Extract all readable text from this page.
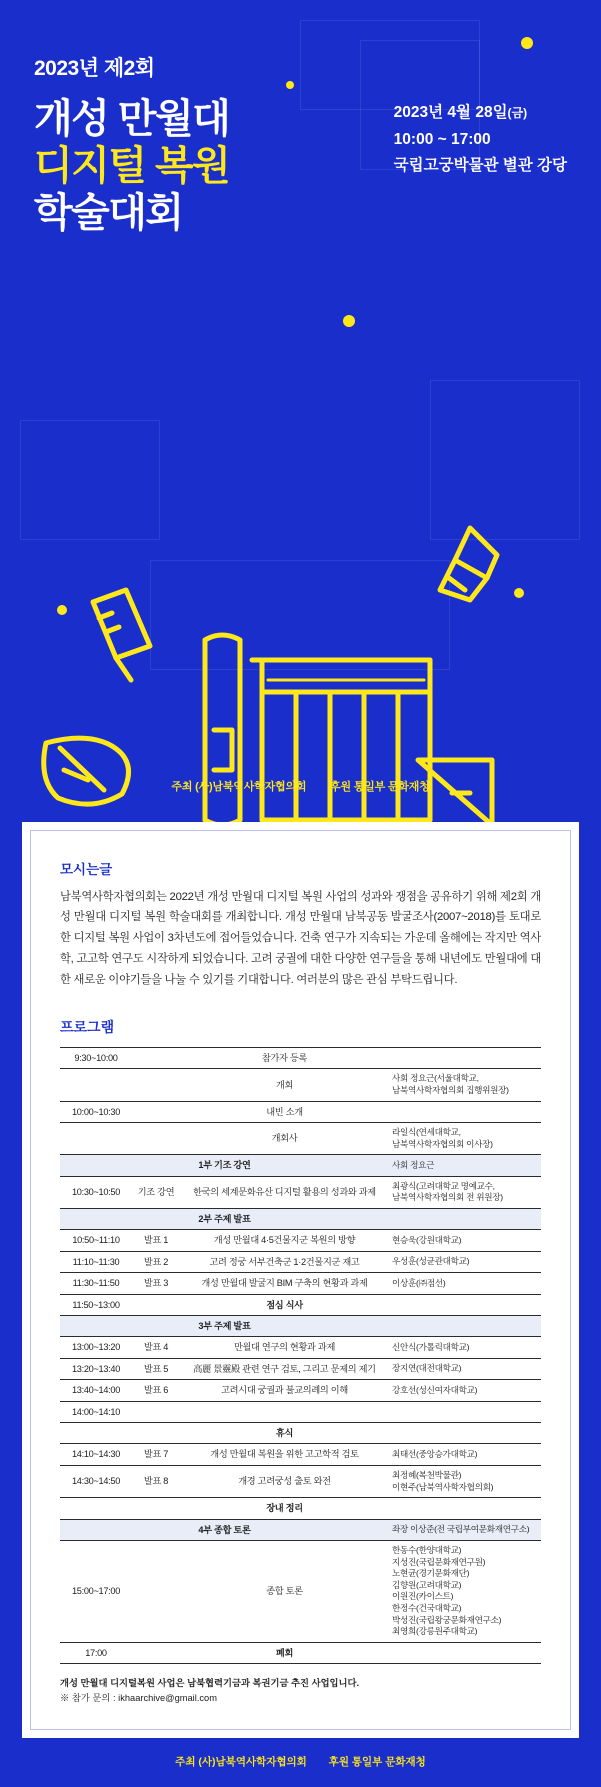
2023년 제2회
개성 만월대
디지털 복원
학술대회
2023년 4월 28일(금)
10:00 ~ 17:00
국립고궁박물관 별관 강당
주최 (사)남북역사학자협의회 후원 통일부 문화재청
모시는글
남북역사학자협의회는 2022년 개성 만월대 디지털 복원 사업의 성과와 쟁점을 공유하기 위해 제2회 개성 만월대 디지털 복원 학술대회를 개최합니다. 개성 만월대 남북공동 발굴조사(2007~2018)를 토대로 한 디지털 복원 사업이 3차년도에 접어들었습니다. 건축 연구가 지속되는 가운데 올해에는 작지만 역사학, 고고학 연구도 시작하게 되었습니다. 고려 궁궐에 대한 다양한 연구들을 통해 내년에도 만월대에 대한 새로운 이야기들을 나눌 수 있기를 기대합니다. 여러분의 많은 관심 부탁드립니다.
프로그램
9:30~10:00		참가자 등록	
		개회	사회 정요근(서울대학교,
남북역사학자협의회 집행위원장)
10:00~10:30		내빈 소개	
		개회사	라일식(연세대학교,
남북역사학자협의회 이사장)
1부 기조 강연			사회 정요근
10:30~10:50	기조 강연	한국의 세계문화유산 디지털 활용의 성과와 과제	최광식(고려대학교 명예교수,
남북역사학자협의회 전 위원장)
2부 주제 발표			
10:50~11:10	발표 1	개성 만월대 4·5건물지군 복원의 방향	현승욱(강원대학교)
11:10~11:30	발표 2	고려 정궁 서부건축군 1·2건물지군 재고	우성훈(성균관대학교)
11:30~11:50	발표 3	개성 만월대 발굴지 BIM 구축의 현황과 과제	이상훈(㈜점선)
11:50~13:00		점심 식사	
3부 주제 발표			
13:00~13:20	발표 4	만월대 연구의 현황과 과제	신안식(가톨릭대학교)
13:20~13:40	발표 5	高麗 景靈殿 관련 연구 검토, 그리고 문제의 제기	장지연(대전대학교)
13:40~14:00	발표 6	고려시대 궁궐과 불교의례의 이해	강호선(성신여자대학교)
14:00~14:10			
		휴식	
14:10~14:30	발표 7	개성 만월대 복원을 위한 고고학적 검토	최태선(중앙승가대학교)
14:30~14:50	발표 8	개경 고려궁성 출토 와전	최정혜(복천박물관)
이현주(남북역사학자협의회)
		장내 정리	
4부 종합 토론			좌장 이상준(전 국립부여문화재연구소)
15:00~17:00		종합 토론	한동수(한양대학교)
지성진(국립문화재연구원)
노현균(경기문화재단)
김향원(고려대학교)
이원진(카이스트)
한정수(건국대학교)
박성진(국립왕궁문화재연구소)
최영희(강릉원주대학교)
17:00		폐회	
개성 만월대 디지털복원 사업은 남북협력기금과 복권기금 추진 사업입니다.
※ 참가 문의 : ikhaarchive@gmail.com
주최 (사)남북역사학자협의회 후원 통일부 문화재청
